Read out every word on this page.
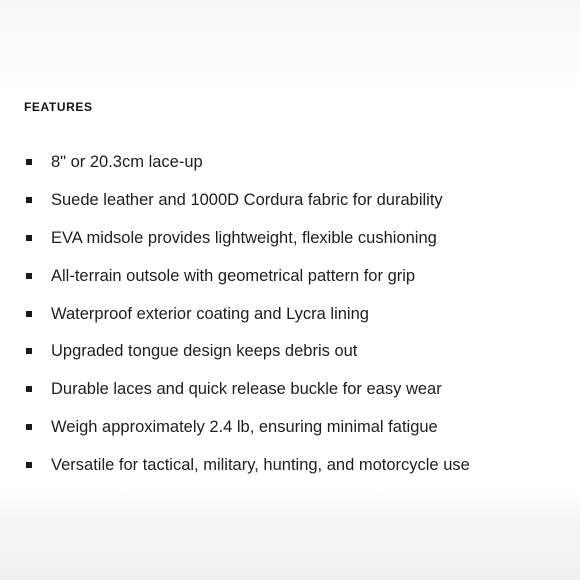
FEATURES
8" or 20.3cm lace-up
Suede leather and 1000D Cordura fabric for durability
EVA midsole provides lightweight, flexible cushioning
All-terrain outsole with geometrical pattern for grip
Waterproof exterior coating and Lycra lining
Upgraded tongue design keeps debris out
Durable laces and quick release buckle for easy wear
Weigh approximately 2.4 lb, ensuring minimal fatigue
Versatile for tactical, military, hunting, and motorcycle use
